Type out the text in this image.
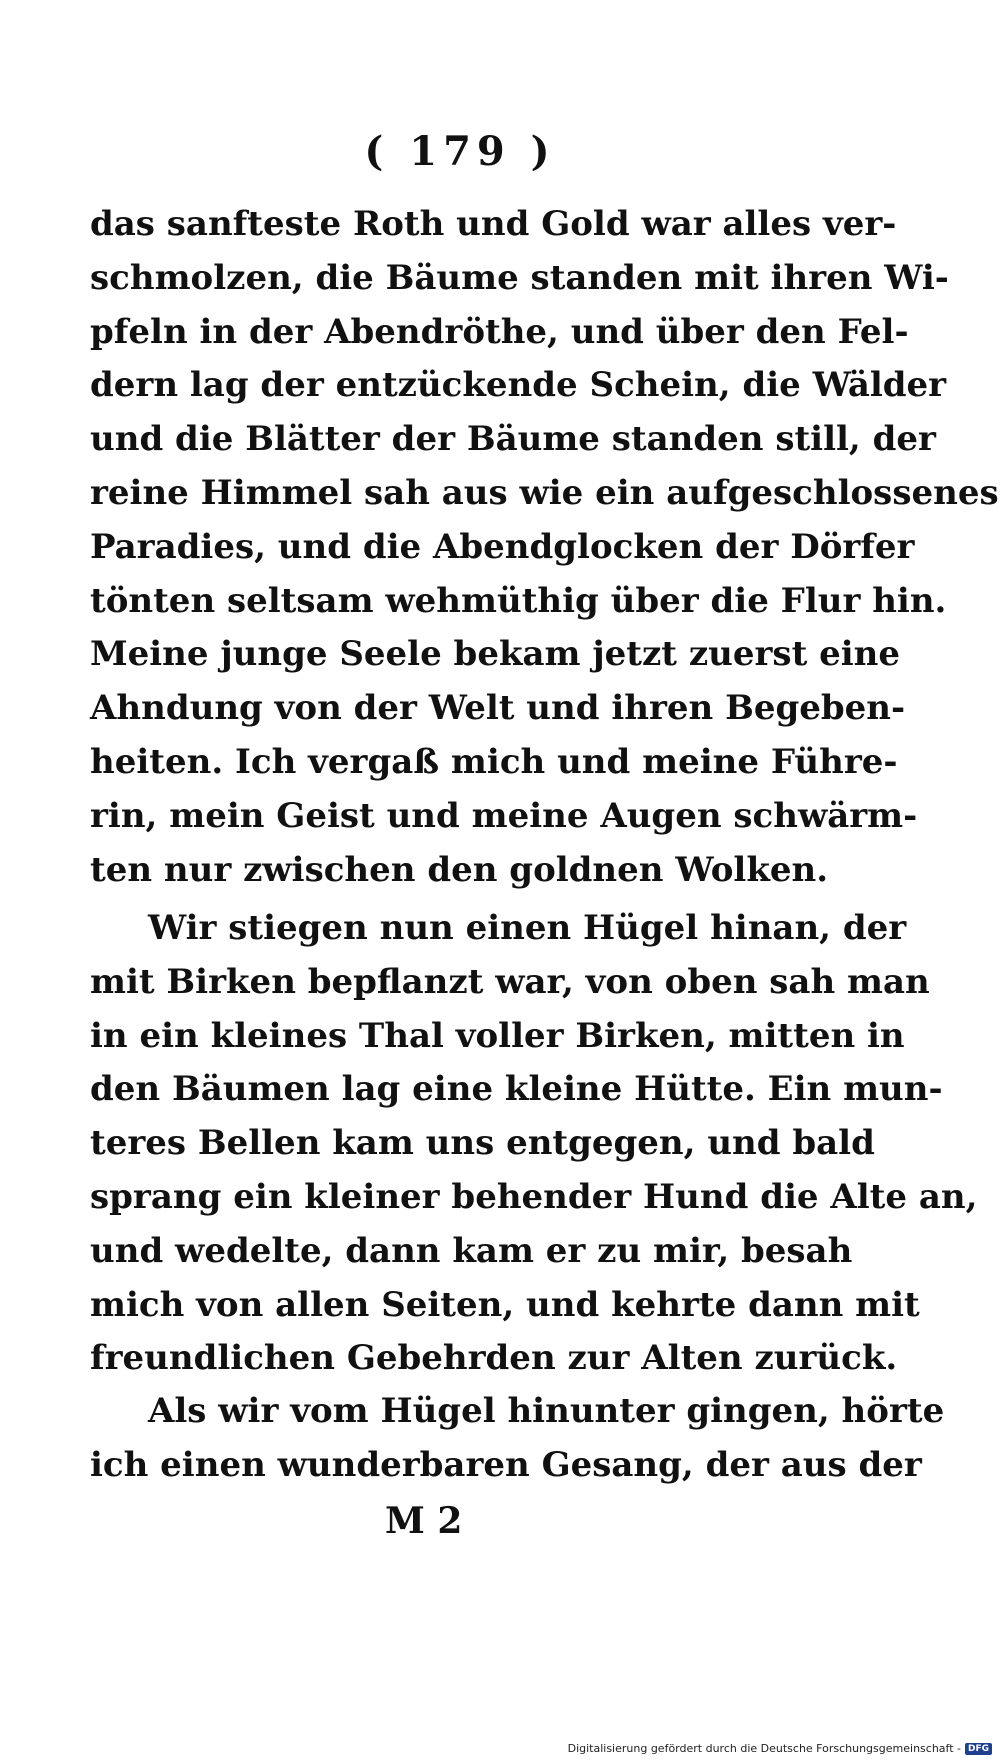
( 179 )
das sanfteste Roth und Gold war alles ver-
schmolzen, die Bäume standen mit ihren Wi-
pfeln in der Abendröthe, und über den Fel-
dern lag der entzückende Schein, die Wälder
und die Blätter der Bäume standen still, der
reine Himmel sah aus wie ein aufgeschlossenes
Paradies, und die Abendglocken der Dörfer
tönten seltsam wehmüthig über die Flur hin.
Meine junge Seele bekam jetzt zuerst eine
Ahndung von der Welt und ihren Begeben-
heiten. Ich vergaß mich und meine Führe-
rin, mein Geist und meine Augen schwärm-
ten nur zwischen den goldnen Wolken.
Wir stiegen nun einen Hügel hinan, der
mit Birken bepflanzt war, von oben sah man
in ein kleines Thal voller Birken, mitten in
den Bäumen lag eine kleine Hütte. Ein mun-
teres Bellen kam uns entgegen, und bald
sprang ein kleiner behender Hund die Alte an,
und wedelte, dann kam er zu mir, besah
mich von allen Seiten, und kehrte dann mit
freundlichen Gebehrden zur Alten zurück.
Als wir vom Hügel hinunter gingen, hörte
ich einen wunderbaren Gesang, der aus der
M 2
Digitalisierung gefördert durch die Deutsche Forschungsgemeinschaft - DFG
